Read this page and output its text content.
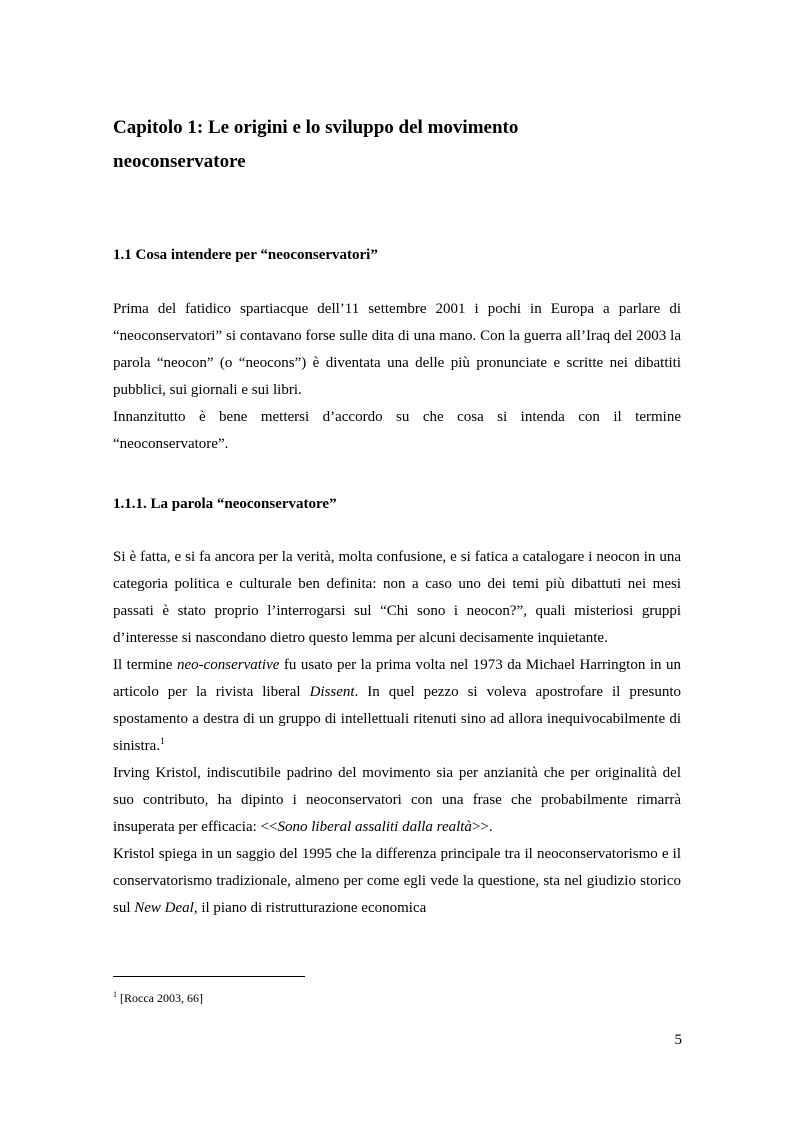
Capitolo 1: Le origini e lo sviluppo del movimento
neoconservatore
1.1 Cosa intendere per “neoconservatori”

Prima del fatidico spartiacque dell’11 settembre 2001 i pochi in Europa a parlare di “neoconservatori” si contavano forse sulle dita di una mano. Con la guerra all’Iraq del 2003 la parola “neocon” (o “neocons”) è diventata una delle più pronunciate e scritte nei dibattiti pubblici, sui giornali e sui libri.

Innanzitutto è bene mettersi d’accordo su che cosa si intenda con il termine “neoconservatore”.

1.1.1. La parola “neoconservatore”

Si è fatta, e si fa ancora per la verità, molta confusione, e si fatica a catalogare i neocon in una categoria politica e culturale ben definita: non a caso uno dei temi più dibattuti nei mesi passati è stato proprio l’interrogarsi sul “Chi sono i neocon?”, quali misteriosi gruppi d’interesse si nascondano dietro questo lemma per alcuni decisamente inquietante.

Il termine neo-conservative fu usato per la prima volta nel 1973 da Michael Harrington in un articolo per la rivista liberal Dissent. In quel pezzo si voleva apostrofare il presunto spostamento a destra di un gruppo di intellettuali ritenuti sino ad allora inequivocabilmente di sinistra.$^1$

Irving Kristol, indiscutibile padrino del movimento sia per anzianità che per originalità del suo contributo, ha dipinto i neoconservatori con una frase che probabilmente rimarrà insuperata per efficacia: <<Sono liberal assaliti dalla realtà>>.

Kristol spiega in un saggio del 1995 che la differenza principale tra il neoconservatorismo e il conservatorismo tradizionale, almeno per come egli vede la questione, sta nel giudizio storico sul New Deal, il piano di ristrutturazione economica

$^1$ [Rocca 2003, 66]

5
